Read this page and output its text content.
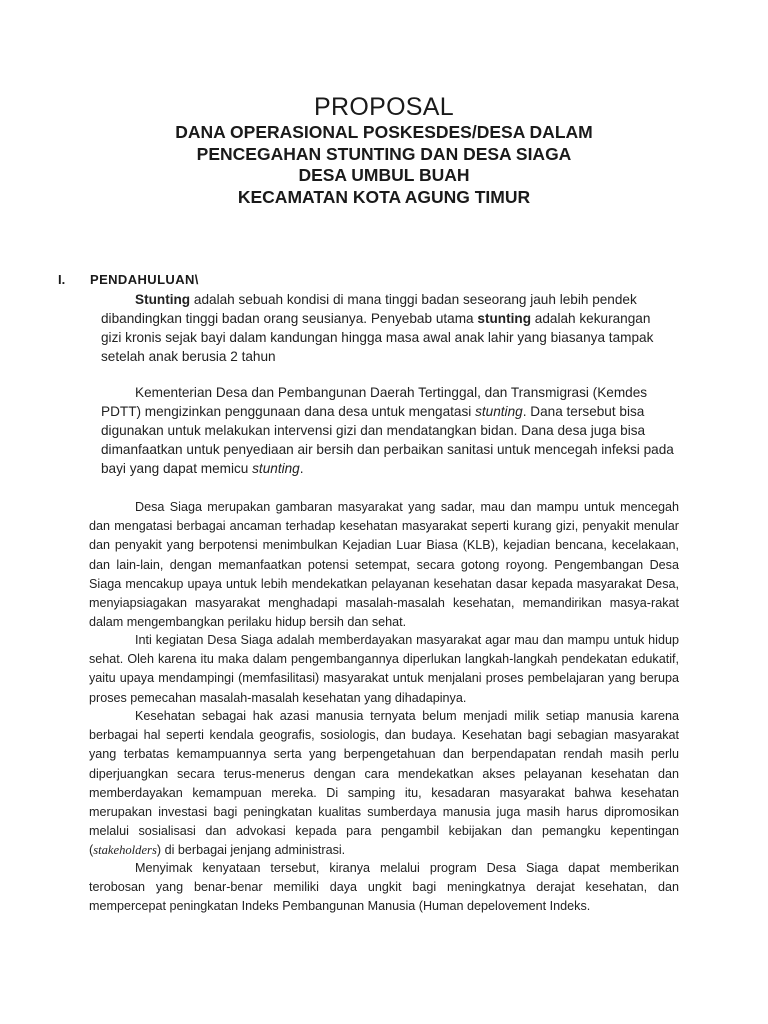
PROPOSAL
DANA OPERASIONAL POSKESDES/DESA DALAM
PENCEGAHAN STUNTING DAN DESA SIAGA
DESA UMBUL BUAH
KECAMATAN KOTA AGUNG TIMUR
I. PENDAHULUAN\
Stunting adalah sebuah kondisi di mana tinggi badan seseorang jauh lebih pendek dibandingkan tinggi badan orang seusianya. Penyebab utama stunting adalah kekurangan gizi kronis sejak bayi dalam kandungan hingga masa awal anak lahir yang biasanya tampak setelah anak berusia 2 tahun
Kementerian Desa dan Pembangunan Daerah Tertinggal, dan Transmigrasi (Kemdes PDTT) mengizinkan penggunaan dana desa untuk mengatasi stunting. Dana tersebut bisa digunakan untuk melakukan intervensi gizi dan mendatangkan bidan. Dana desa juga bisa dimanfaatkan untuk penyediaan air bersih dan perbaikan sanitasi untuk mencegah infeksi pada bayi yang dapat memicu stunting.
Desa Siaga merupakan gambaran masyarakat yang sadar, mau dan mampu untuk mencegah dan mengatasi berbagai ancaman terhadap kesehatan masyarakat seperti kurang gizi, penyakit menular dan penyakit yang berpotensi menimbulkan Kejadian Luar Biasa (KLB), kejadian bencana, kecelakaan, dan lain-lain, dengan memanfaatkan potensi setempat, secara gotong royong. Pengembangan Desa Siaga mencakup upaya untuk lebih mendekatkan pelayanan kesehatan dasar kepada masyarakat Desa, menyiapsiagakan masyarakat menghadapi masalah-masalah kesehatan, memandirikan masya-rakat dalam mengembangkan perilaku hidup bersih dan sehat.
Inti kegiatan Desa Siaga adalah memberdayakan masyarakat agar mau dan mampu untuk hidup sehat. Oleh karena itu maka dalam pengembangannya diperlukan langkah-langkah pendekatan edukatif, yaitu upaya mendampingi (memfasilitasi) masyarakat untuk menjalani proses pembelajaran yang berupa proses pemecahan masalah-masalah kesehatan yang dihadapinya.
Kesehatan sebagai hak azasi manusia ternyata belum menjadi milik setiap manusia karena berbagai hal seperti kendala geografis, sosiologis, dan budaya. Kesehatan bagi sebagian masyarakat yang terbatas kemampuannya serta yang berpengetahuan dan berpendapatan rendah masih perlu diperjuangkan secara terus-menerus dengan cara mendekatkan akses pelayanan kesehatan dan memberdayakan kemampuan mereka. Di samping itu, kesadaran masyarakat bahwa kesehatan merupakan investasi bagi peningkatan kualitas sumberdaya manusia juga masih harus dipromosikan melalui sosialisasi dan advokasi kepada para pengambil kebijakan dan pemangku kepentingan (stakeholders) di berbagai jenjang administrasi.
Menyimak kenyataan tersebut, kiranya melalui program Desa Siaga dapat memberikan terobosan yang benar-benar memiliki daya ungkit bagi meningkatnya derajat kesehatan, dan mempercepat peningkatan Indeks Pembangunan Manusia (Human depelovement Indeks.
